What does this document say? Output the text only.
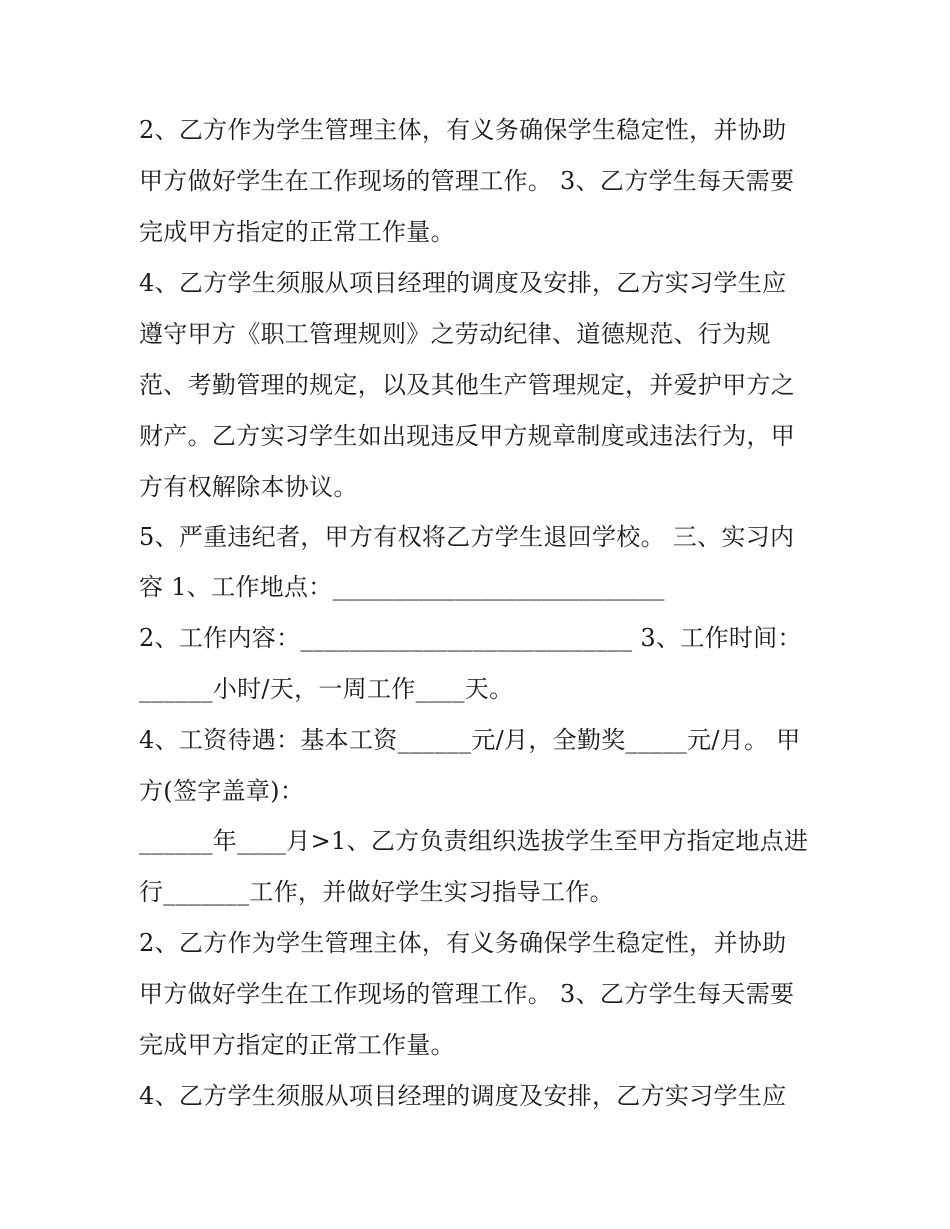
2、乙方作为学生管理主体，有义务确保学生稳定性，并协助
甲方做好学生在工作现场的管理工作。 3、乙方学生每天需要
完成甲方指定的正常工作量。
4、乙方学生须服从项目经理的调度及安排，乙方实习学生应
遵守甲方《职工管理规则》之劳动纪律、道德规范、行为规
范、考勤管理的规定，以及其他生产管理规定，并爱护甲方之
财产。乙方实习学生如出现违反甲方规章制度或违法行为，甲
方有权解除本协议。
5、严重违纪者，甲方有权将乙方学生退回学校。 三、实习内
容 1、工作地点：___________________________
2、工作内容：___________________________ 3、工作时间：
______小时/天，一周工作____天。
4、工资待遇：基本工资______元/月，全勤奖_____元/月。 甲
方(签字盖章)：
______年____月>1、乙方负责组织选拔学生至甲方指定地点进
行_______工作，并做好学生实习指导工作。
2、乙方作为学生管理主体，有义务确保学生稳定性，并协助
甲方做好学生在工作现场的管理工作。 3、乙方学生每天需要
完成甲方指定的正常工作量。
4、乙方学生须服从项目经理的调度及安排，乙方实习学生应
